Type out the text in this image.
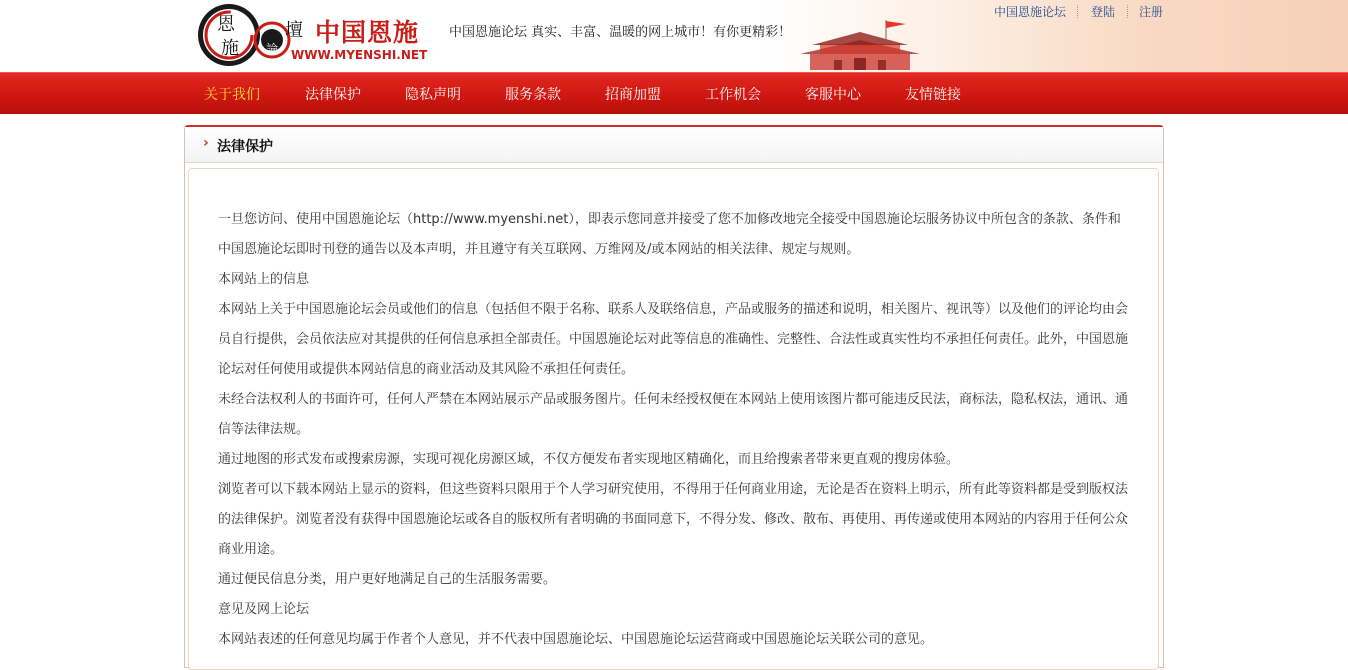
恩
施 論
壇 中国恩施
WWW.MYENSHI.NET
中国恩施论坛 真实、丰富、温暖的网上城市！有你更精彩！
中国恩施论坛 登陆 注册
关于我们	法律保护	隐私声明	服务条款	招商加盟	工作机会	客服中心	友情链接
› 法律保护

一旦您访问、使用中国恩施论坛（http://www.myenshi.net），即表示您同意并接受了您不加修改地完全接受中国恩施论坛服务协议中所包含的条款、条件和中国恩施论坛即时刊登的通告以及本声明，并且遵守有关互联网、万维网及/或本网站的相关法律、规定与规则。

本网站上的信息

本网站上关于中国恩施论坛会员或他们的信息（包括但不限于名称、联系人及联络信息，产品或服务的描述和说明，相关图片、视讯等）以及他们的评论均由会员自行提供，会员依法应对其提供的任何信息承担全部责任。中国恩施论坛对此等信息的准确性、完整性、合法性或真实性均不承担任何责任。此外，中国恩施论坛对任何使用或提供本网站信息的商业活动及其风险不承担任何责任。

未经合法权利人的书面许可，任何人严禁在本网站展示产品或服务图片。任何未经授权便在本网站上使用该图片都可能违反民法，商标法，隐私权法，通讯、通信等法律法规。

通过地图的形式发布或搜索房源，实现可视化房源区域，不仅方便发布者实现地区精确化，而且给搜索者带来更直观的搜房体验。

浏览者可以下载本网站上显示的资料，但这些资料只限用于个人学习研究使用，不得用于任何商业用途，无论是否在资料上明示，所有此等资料都是受到版权法的法律保护。浏览者没有获得中国恩施论坛或各自的版权所有者明确的书面同意下，不得分发、修改、散布、再使用、再传递或使用本网站的内容用于任何公众商业用途。

通过便民信息分类，用户更好地满足自己的生活服务需要。

意见及网上论坛

本网站表述的任何意见均属于作者个人意见，并不代表中国恩施论坛、中国恩施论坛运营商或中国恩施论坛关联公司的意见。
